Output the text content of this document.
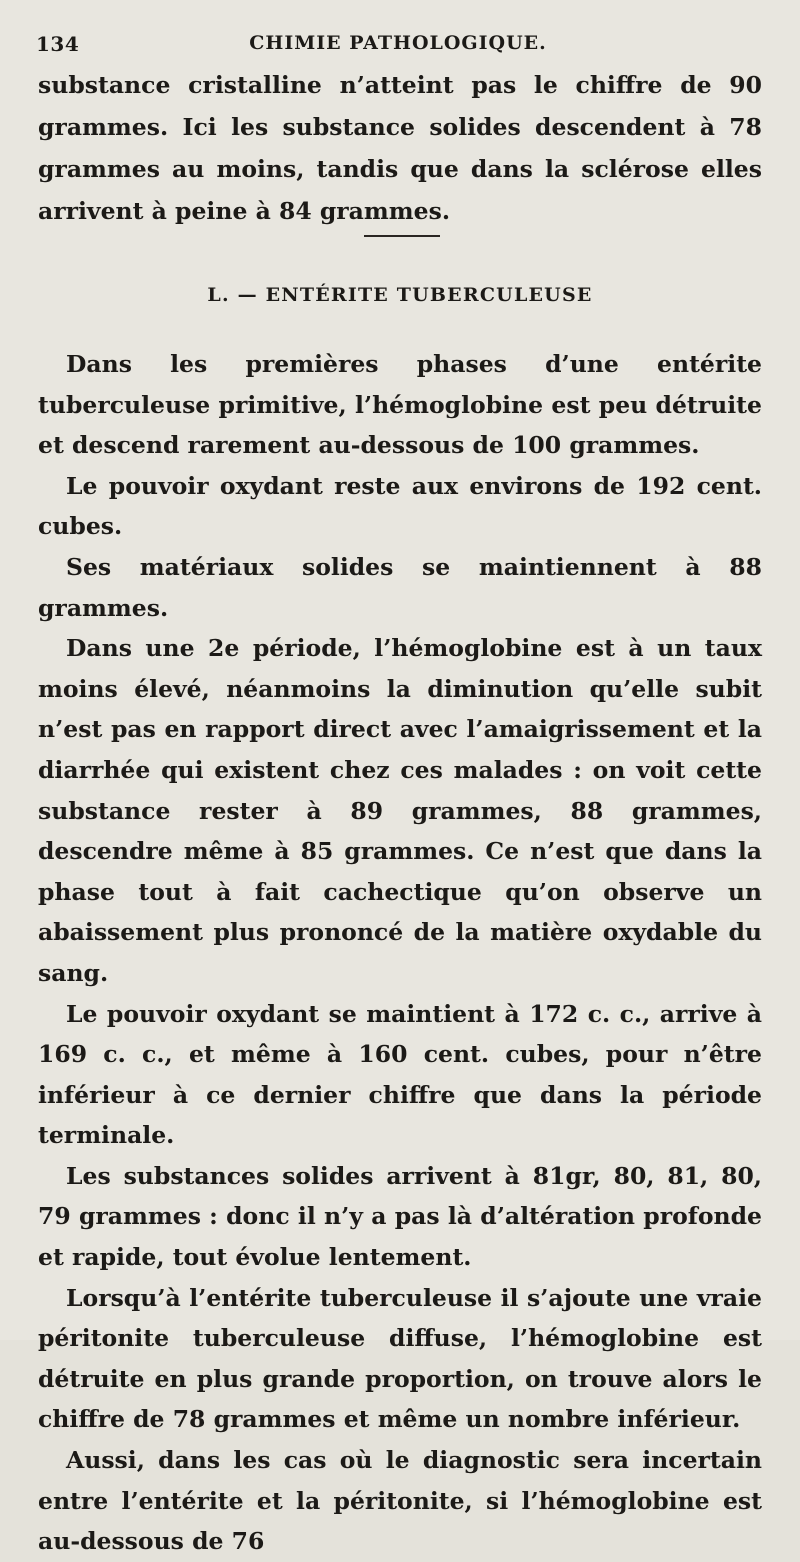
134	CHIMIE PATHOLOGIQUE.

substance cristalline n’atteint pas le chiffre de 90 grammes. Ici les substance solides descendent à 78 grammes au moins, tandis que dans la sclérose elles arrivent à peine à 84 grammes.

L. — ENTÉRITE TUBERCULEUSE

Dans les premières phases d’une entérite tuberculeuse primitive, l’hémoglobine est peu détruite et descend rarement au-dessous de 100 grammes.

Le pouvoir oxydant reste aux environs de 192 cent. cubes.

Ses matériaux solides se maintiennent à 88 grammes.

Dans une 2e période, l’hémoglobine est à un taux moins élevé, néanmoins la diminution qu’elle subit n’est pas en rapport direct avec l’amaigrissement et la diarrhée qui existent chez ces malades : on voit cette substance rester à 89 grammes, 88 grammes, descendre même à 85 grammes. Ce n’est que dans la phase tout à fait cachectique qu’on observe un abaissement plus prononcé de la matière oxydable du sang.

Le pouvoir oxydant se maintient à 172 c. c., arrive à 169 c. c., et même à 160 cent. cubes, pour n’être inférieur à ce dernier chiffre que dans la période terminale.

Les substances solides arrivent à 81gr, 80, 81, 80, 79 grammes : donc il n’y a pas là d’altération profonde et rapide, tout évolue lentement.

Lorsqu’à l’entérite tuberculeuse il s’ajoute une vraie péritonite tuberculeuse diffuse, l’hémoglobine est détruite en plus grande proportion, on trouve alors le chiffre de 78 grammes et même un nombre inférieur.

Aussi, dans les cas où le diagnostic sera incertain entre l’entérite et la péritonite, si l’hémoglobine est au-dessous de 76
